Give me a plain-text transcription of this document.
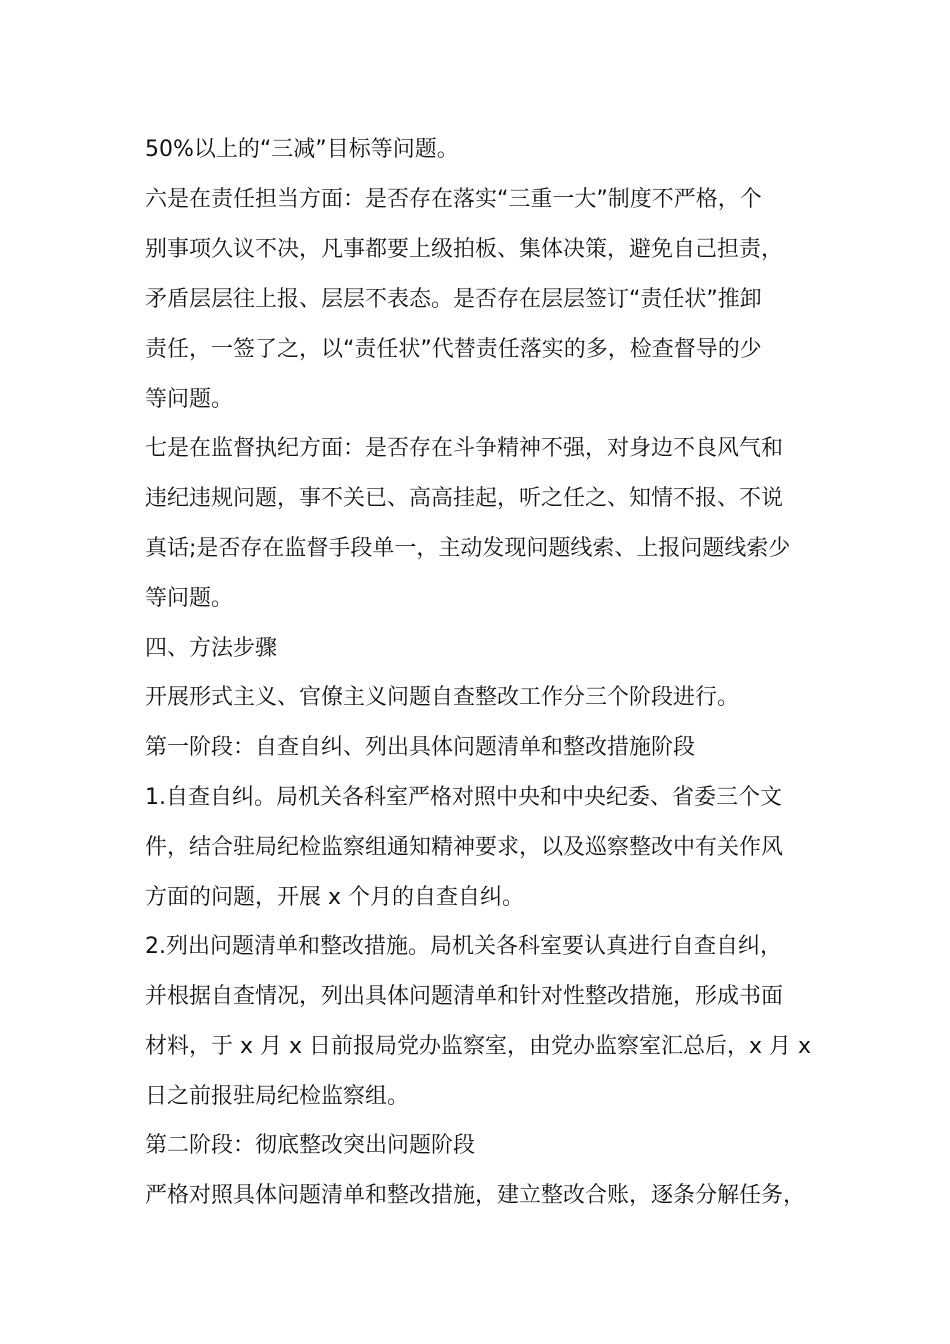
50%以上的“三减”目标等问题。
六是在责任担当方面：是否存在落实“三重一大”制度不严格，个
别事项久议不决，凡事都要上级拍板、集体决策，避免自己担责，
矛盾层层往上报、层层不表态。是否存在层层签订“责任状”推卸
责任，一签了之，以“责任状”代替责任落实的多，检查督导的少
等问题。
七是在监督执纪方面：是否存在斗争精神不强，对身边不良风气和
违纪违规问题，事不关已、高高挂起，听之任之、知情不报、不说
真话;是否存在监督手段单一，主动发现问题线索、上报问题线索少
等问题。
四、方法步骤
开展形式主义、官僚主义问题自查整改工作分三个阶段进行。
第一阶段：自查自纠、列出具体问题清单和整改措施阶段
1.自查自纠。局机关各科室严格对照中央和中央纪委、省委三个文
件，结合驻局纪检监察组通知精神要求，以及巡察整改中有关作风
方面的问题，开展 x 个月的自查自纠。
2.列出问题清单和整改措施。局机关各科室要认真进行自查自纠，
并根据自查情况，列出具体问题清单和针对性整改措施，形成书面
材料，于 x 月 x 日前报局党办监察室，由党办监察室汇总后，x 月 x
日之前报驻局纪检监察组。
第二阶段：彻底整改突出问题阶段
严格对照具体问题清单和整改措施，建立整改合账，逐条分解任务，
